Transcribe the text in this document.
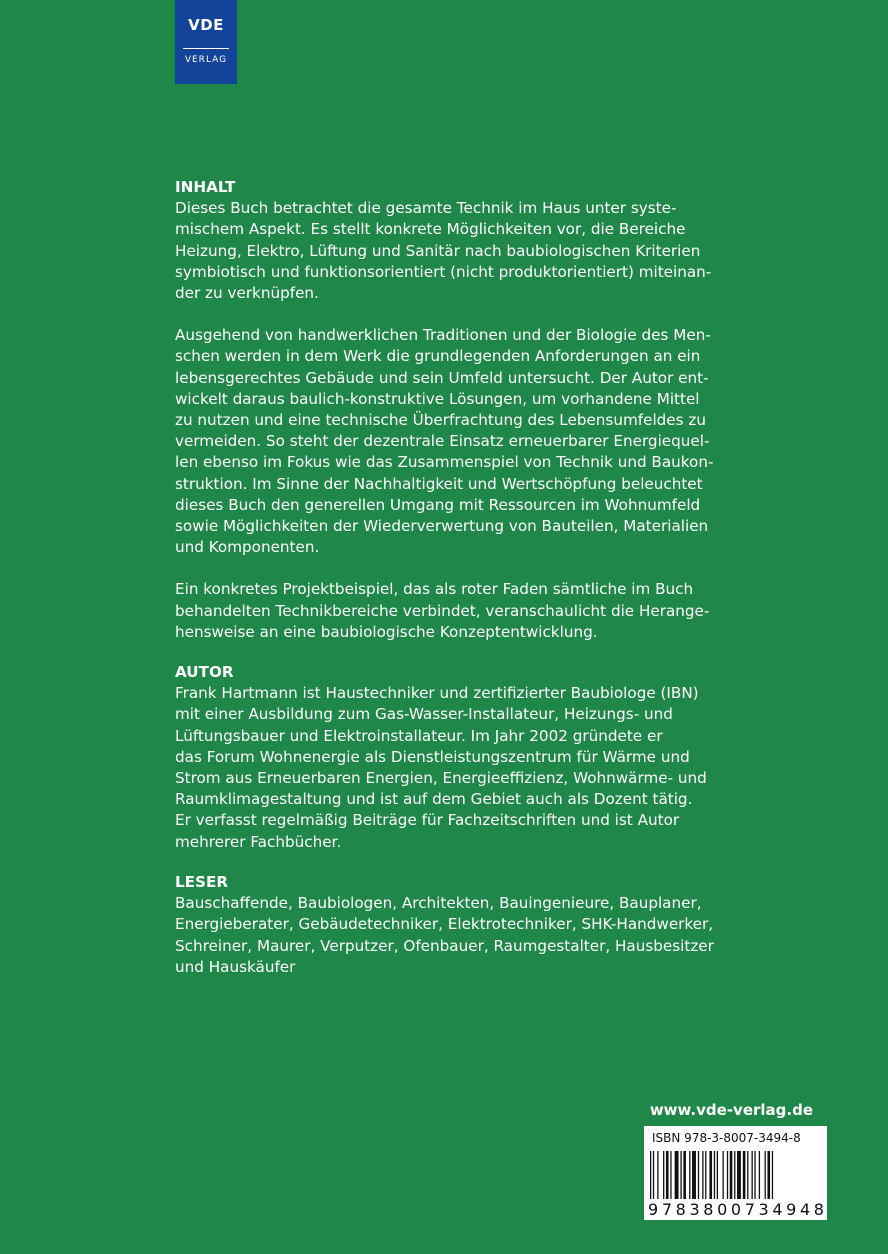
VDE
VERLAG

INHALT

Dieses Buch betrachtet die gesamte Technik im Haus unter syste-
mischem Aspekt. Es stellt konkrete Möglichkeiten vor, die Bereiche
Heizung, Elektro, Lüftung und Sanitär nach baubiologischen Kriterien
symbiotisch und funktionsorientiert (nicht produktorientiert) miteinan-
der zu verknüpfen.

Ausgehend von handwerklichen Traditionen und der Biologie des Men-
schen werden in dem Werk die grundlegenden Anforderungen an ein
lebensgerechtes Gebäude und sein Umfeld untersucht. Der Autor ent-
wickelt daraus baulich-konstruktive Lösungen, um vorhandene Mittel
zu nutzen und eine technische Überfrachtung des Lebensumfeldes zu
vermeiden. So steht der dezentrale Einsatz erneuerbarer Energiequel-
len ebenso im Fokus wie das Zusammenspiel von Technik und Baukon-
struktion. Im Sinne der Nachhaltigkeit und Wertschöpfung beleuchtet
dieses Buch den generellen Umgang mit Ressourcen im Wohnumfeld
sowie Möglichkeiten der Wiederverwertung von Bauteilen, Materialien
und Komponenten.

Ein konkretes Projektbeispiel, das als roter Faden sämtliche im Buch
behandelten Technikbereiche verbindet, veranschaulicht die Herange-
hensweise an eine baubiologische Konzeptentwicklung.

AUTOR

Frank Hartmann ist Haustechniker und zertifizierter Baubiologe (IBN)
mit einer Ausbildung zum Gas-Wasser-Installateur, Heizungs- und
Lüftungsbauer und Elektroinstallateur. Im Jahr 2002 gründete er
das Forum Wohnenergie als Dienstleistungszentrum für Wärme und
Strom aus Erneuerbaren Energien, Energieeffizienz, Wohnwärme- und
Raumklimagestaltung und ist auf dem Gebiet auch als Dozent tätig.
Er verfasst regelmäßig Beiträge für Fachzeitschriften und ist Autor
mehrerer Fachbücher.

LESER

Bauschaffende, Baubiologen, Architekten, Bauingenieure, Bauplaner,
Energieberater, Gebäudetechniker, Elektrotechniker, SHK-Handwerker,
Schreiner, Maurer, Verputzer, Ofenbauer, Raumgestalter, Hausbesitzer
und Hauskäufer

www.vde-verlag.de
ISBN 978-3-8007-3494-8
9 7 8 3 8 0 0 7 3 4 9 4 8
